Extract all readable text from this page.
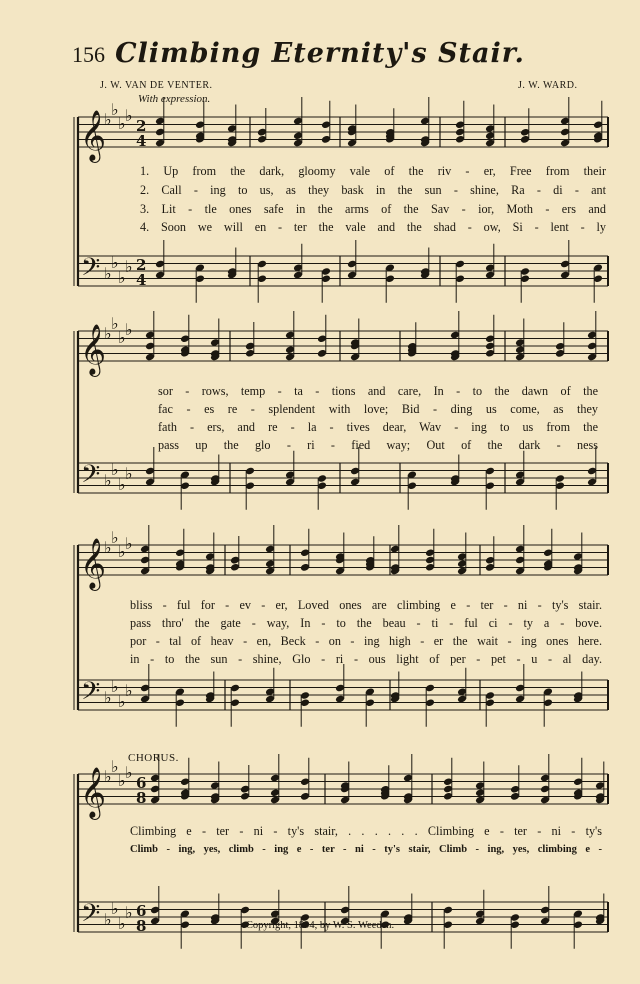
156 Climbing Eternity's Stair.
J. W. VAN DE VENTER.	J. W. WARD.
With expression.
𝄞
𝄢
♭
♭
♭ ♭
♭
♭
♭
♭
2
4
2
4
𝄞
𝄢
♭
♭
♭ ♭
♭
♭
♭
♭
𝄞
𝄢
♭
♭
♭ ♭
♭
♭
♭
♭
𝄞
𝄢
♭
♭
♭ ♭
♭
♭
♭
♭
6
8
6
8
1. Up from the dark, gloomy vale of the riv - er, Free from their
2. Call - ing to us, as they bask in the sun - shine, Ra - di - ant
3. Lit - tle ones safe in the arms of the Sav - ior, Moth - ers and
4. Soon we will en - ter the vale and the shad - ow, Si - lent - ly
sor - rows, temp - ta - tions and care, In - to the dawn of the
fac - es re - splendent with love; Bid - ding us come, as they
fath - ers, and re - la - tives dear, Wav - ing to us from the
pass up the glo - ri - fied way; Out of the dark - ness
bliss - ful for - ev - er, Loved ones are climbing e - ter - ni - ty's stair.
pass thro' the gate - way, In - to the beau - ti - ful ci - ty a - bove.
por - tal of heav - en, Beck - on - ing high - er the wait - ing ones here.
in - to the sun - shine, Glo - ri - ous light of per - pet - u - al day.
CHORUS.
Climbing e - ter - ni - ty's stair, . . . . . . Climbing e - ter - ni - ty's
Climb - ing, yes, climb - ing e - ter - ni - ty's stair, Climb - ing, yes, climbing e -
Copyright, 1894, by W. S. Weeden.
